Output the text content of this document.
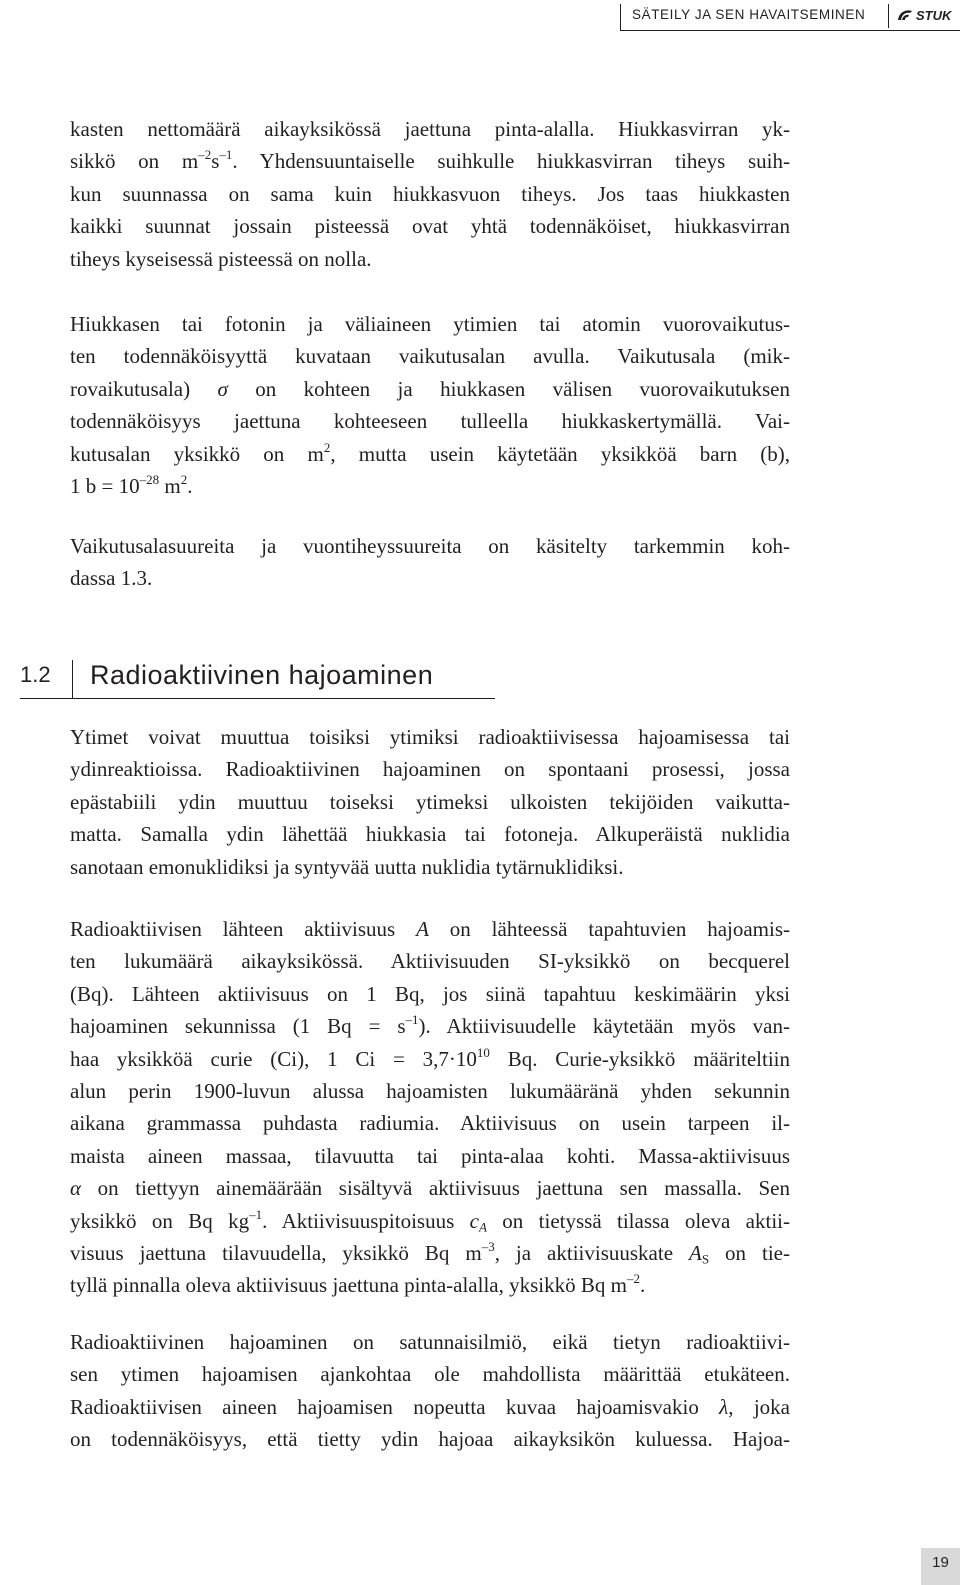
SÄTEILY JA SEN HAVAITSEMINEN	STUK
kasten nettomäärä aikayksikössä jaettuna pinta-alalla. Hiukkasvirran yk-
sikkö on $m^{-2}s^{-1}$. Yhdensuuntaiselle suihkulle hiukkasvirran tiheys suih-
kun suunnassa on sama kuin hiukkasvuon tiheys. Jos taas hiukkasten
kaikki suunnat jossain pisteessä ovat yhtä todennäköiset, hiukkasvirran
tiheys kyseisessä pisteessä on nolla.
Hiukkasen tai fotonin ja väliaineen ytimien tai atomin vuorovaikutus-
ten todennäköisyyttä kuvataan vaikutusalan avulla. Vaikutusala (mik-
rovaikutusala) σ on kohteen ja hiukkasen välisen vuorovaikutuksen
todennäköisyys jaettuna kohteeseen tulleella hiukkaskertymällä. Vai-
kutusalan yksikkö on $m^2$, mutta usein käytetään yksikköä barn (b),
1 $b = 10^{-28}$ $m^2$.
Vaikutusalasuureita ja vuontiheyssuureita on käsitelty tarkemmin koh-
dassa 1.3.
1.2 Radioaktiivinen hajoaminen
Ytimet voivat muuttua toisiksi ytimiksi radioaktiivisessa hajoamisessa tai
ydinreaktioissa. Radioaktiivinen hajoaminen on spontaani prosessi, jossa
epästabiili ydin muuttuu toiseksi ytimeksi ulkoisten tekijöiden vaikutta-
matta. Samalla ydin lähettää hiukkasia tai fotoneja. Alkuperäistä nuklidia
sanotaan emonuklidiksi ja syntyvää uutta nuklidia tytärnuklidiksi.
Radioaktiivisen lähteen aktiivisuus A on lähteessä tapahtuvien hajoamis-
ten lukumäärä aikayksikössä. Aktiivisuuden SI-yksikkö on becquerel
(Bq). Lähteen aktiivisuus on 1 Bq, jos siinä tapahtuu keskimäärin yksi
hajoaminen sekunnissa (1 $Bq = s^{-1}$). Aktiivisuudelle käytetään myös van-
haa yksikköä curie (Ci), 1 $Ci = 3,7\cdot 10^{10}$ Bq. Curie-yksikkö määriteltiin
alun perin 1900-luvun alussa hajoamisten lukumääränä yhden sekunnin
aikana grammassa puhdasta radiumia. Aktiivisuus on usein tarpeen il-
maista aineen massaa, tilavuutta tai pinta-alaa kohti. Massa-aktiivisuus
α on tiettyyn ainemäärään sisältyvä aktiivisuus jaettuna sen massalla. Sen
yksikkö on Bq $kg^{-1}$. Aktiivisuuspitoisuus $c_A$ on tietyssä tilassa oleva aktii-
visuus jaettuna tilavuudella, yksikkö Bq $m^{-3}$, ja aktiivisuuskate $A_S$ on tie-
tyllä pinnalla oleva aktiivisuus jaettuna pinta-alalla, yksikkö Bq $m^{-2}$.
Radioaktiivinen hajoaminen on satunnaisilmiö, eikä tietyn radioaktiivi-
sen ytimen hajoamisen ajankohtaa ole mahdollista määrittää etukäteen.
Radioaktiivisen aineen hajoamisen nopeutta kuvaa hajoamisvakio λ, joka
on todennäköisyys, että tietty ydin hajoaa aikayksikön kuluessa. Hajoa-
19
